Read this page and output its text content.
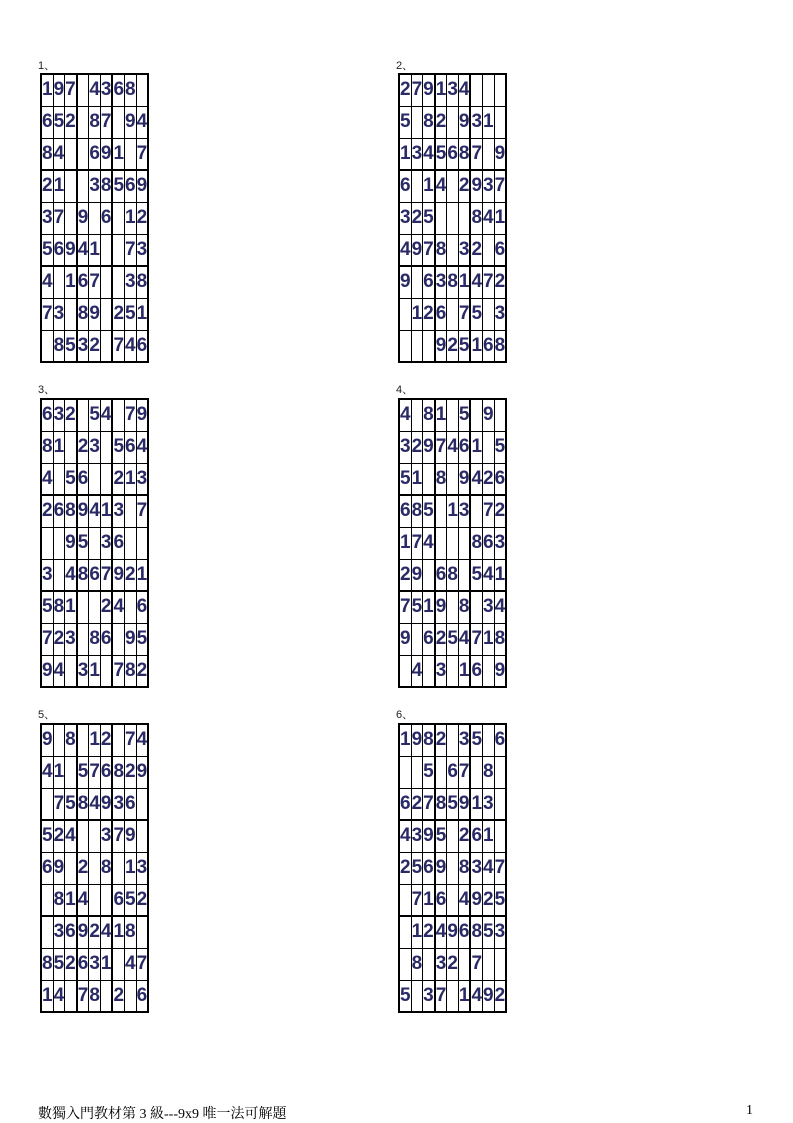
1、
1	9	7		4	3	6	8	
6	5	2		8	7		9	4
8	4			6	9	1		7
2	1			3	8	5	6	9
3	7		9		6		1	2
5	6	9	4	1			7	3
4		1	6	7			3	8
7	3		8	9		2	5	1
	8	5	3	2		7	4	6
2、
2	7	9	1	3	4			
5		8	2		9	3	1	
1	3	4	5	6	8	7		9
6		1	4		2	9	3	7
3	2	5				8	4	1
4	9	7	8		3	2		6
9		6	3	8	1	4	7	2
	1	2	6		7	5		3
			9	2	5	1	6	8
3、
6	3	2		5	4		7	9
8	1		2	3		5	6	4
4		5	6			2	1	3
2	6	8	9	4	1	3		7
		9	5		3	6		
3		4	8	6	7	9	2	1
5	8	1			2	4		6
7	2	3		8	6		9	5
9	4		3	1		7	8	2
4、
4		8	1		5		9	
3	2	9	7	4	6	1		5
5	1		8		9	4	2	6
6	8	5		1	3		7	2
1	7	4				8	6	3
2	9		6	8		5	4	1
7	5	1	9		8		3	4
9		6	2	5	4	7	1	8
	4		3		1	6		9
5、
9		8		1	2		7	4
4	1		5	7	6	8	2	9
	7	5	8	4	9	3	6	
5	2	4			3	7	9	
6	9		2		8		1	3
	8	1	4			6	5	2
	3	6	9	2	4	1	8	
8	5	2	6	3	1		4	7
1	4		7	8		2		6
6、
1	9	8	2		3	5		6
		5		6	7		8	
6	2	7	8	5	9	1	3	
4	3	9	5		2	6	1	
2	5	6	9		8	3	4	7
	7	1	6		4	9	2	5
	1	2	4	9	6	8	5	3
	8		3	2		7		
5		3	7		1	4	9	2
數獨入門教材第 3 級---9x9 唯一法可解題	1
